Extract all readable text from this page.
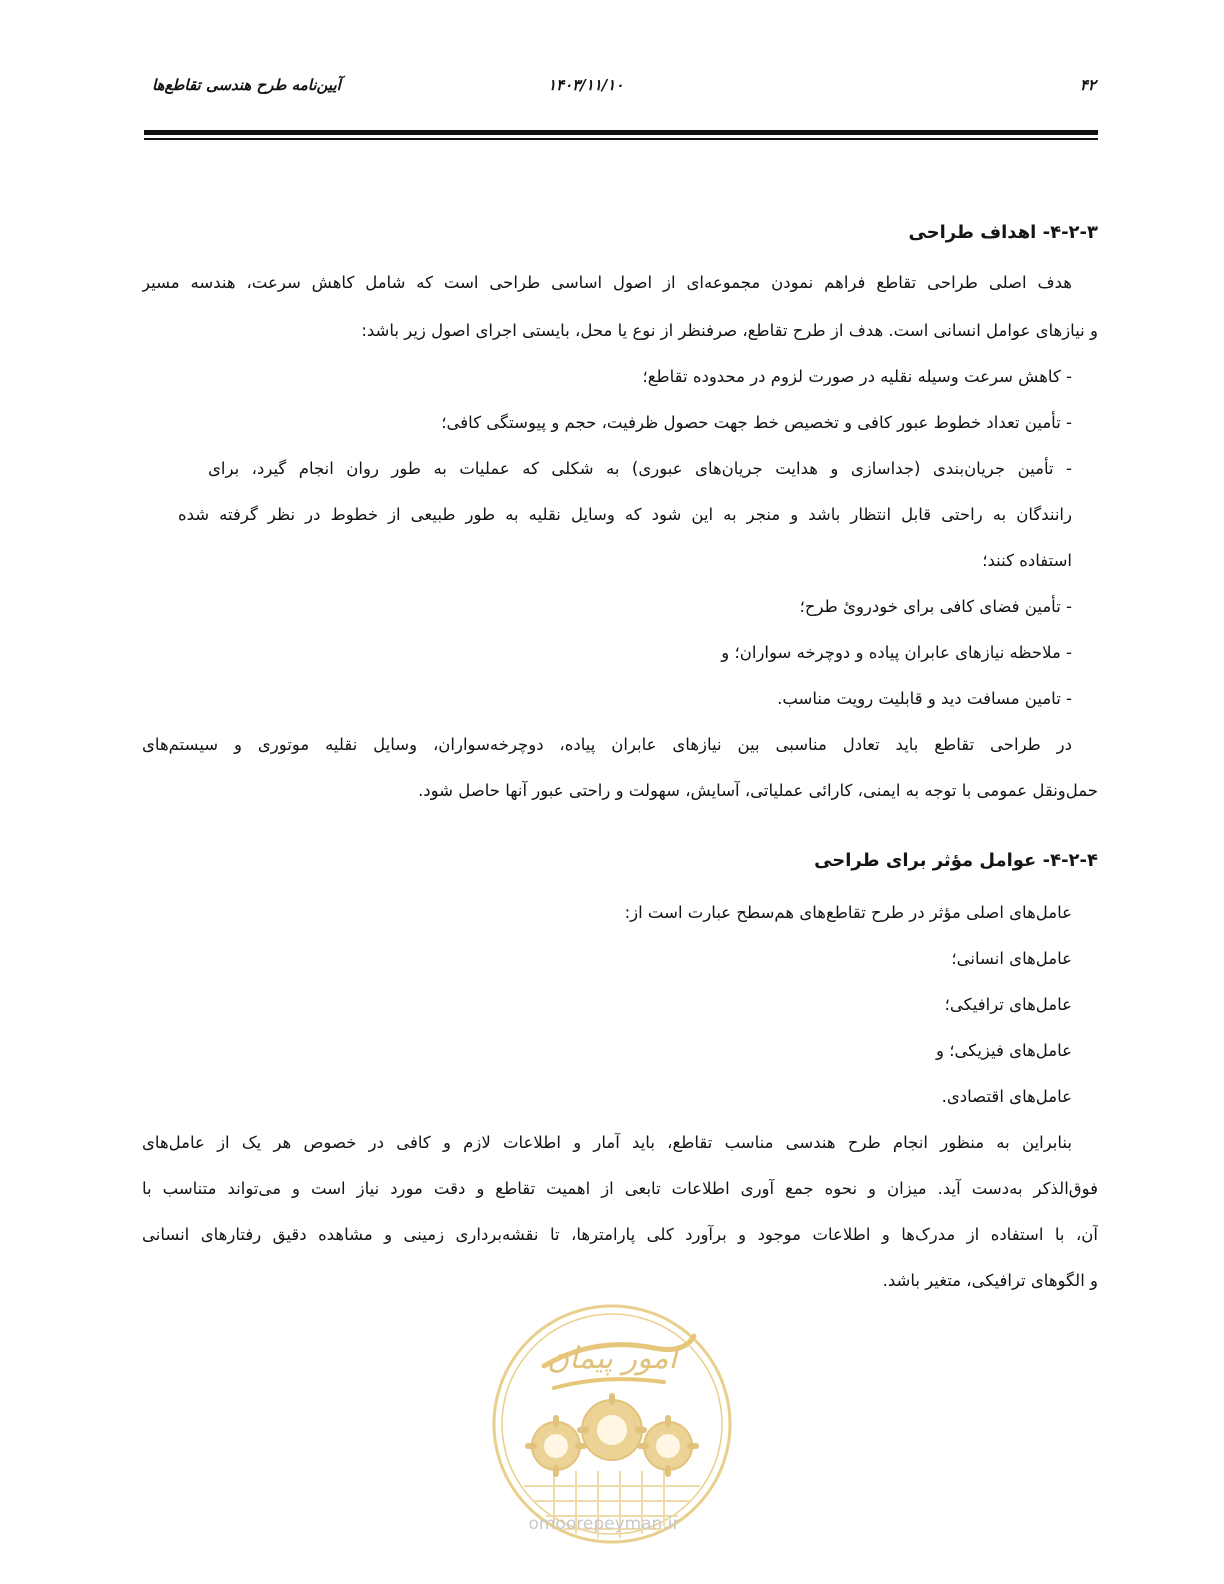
۴۲
۱۴۰۳/۱۱/۱۰
آیین‌نامه طرح هندسی تقاطع‌ها
۴-۲-۳- اهداف طراحی
هدف اصلی طراحی تقاطع فراهم نمودن مجموعه‌ای از اصول اساسی طراحی است که شامل کاهش سرعت، هندسه مسیر
و نیازهای عوامل انسانی است. هدف از طرح تقاطع، صرفنظر از نوع یا محل، بایستی اجرای اصول زیر باشد:
- کاهش سرعت وسیله نقلیه در صورت لزوم در محدوده تقاطع؛
- تأمین تعداد خطوط عبور کافی و تخصیص خط جهت حصول ظرفیت، حجم و پیوستگی کافی؛
- تأمین جریان‌بندی (جداسازی و هدایت جریان‌های عبوری) به شکلی که عملیات به طور روان انجام گیرد، برای
رانندگان به راحتی قابل انتظار باشد و منجر به این شود که وسایل نقلیه به طور طبیعی از خطوط در نظر گرفته شده
استفاده کنند؛
- تأمین فضای کافی برای خودروئ طرح؛
- ملاحظه نیازهای عابران پیاده و دوچرخه سواران؛ و
- تامین مسافت دید و قابلیت رویت مناسب.
در طراحی تقاطع باید تعادل مناسبی بین نیازهای عابران پیاده، دوچرخه‌سواران، وسایل نقلیه موتوری و سیستم‌های
حمل‌ونقل عمومی با توجه به ایمنی، کارائی عملیاتی، آسایش، سهولت و راحتی عبور آنها حاصل شود.
۴-۲-۴- عوامل مؤثر برای طراحی
عامل‌های اصلی مؤثر در طرح تقاطع‌های هم‌سطح عبارت است از:
عامل‌های انسانی؛
عامل‌های ترافیکی؛
عامل‌های فیزیکی؛ و
عامل‌های اقتصادی.
بنابراین به منظور انجام طرح هندسی مناسب تقاطع، باید آمار و اطلاعات لازم و کافی در خصوص هر یک از عامل‌های
فوق‌الذکر به‌دست آید. میزان و نحوه جمع آوری اطلاعات تابعی از اهمیت تقاطع و دقت مورد نیاز است و می‌تواند متناسب با
آن، با استفاده از مدرک‌ها و اطلاعات موجود و برآورد کلی پارامترها، تا نقشه‌برداری زمینی و مشاهده دقیق رفتارهای انسانی
و الگوهای ترافیکی، متغیر باشد.
امور پیمان
omoorepeyman.ir
